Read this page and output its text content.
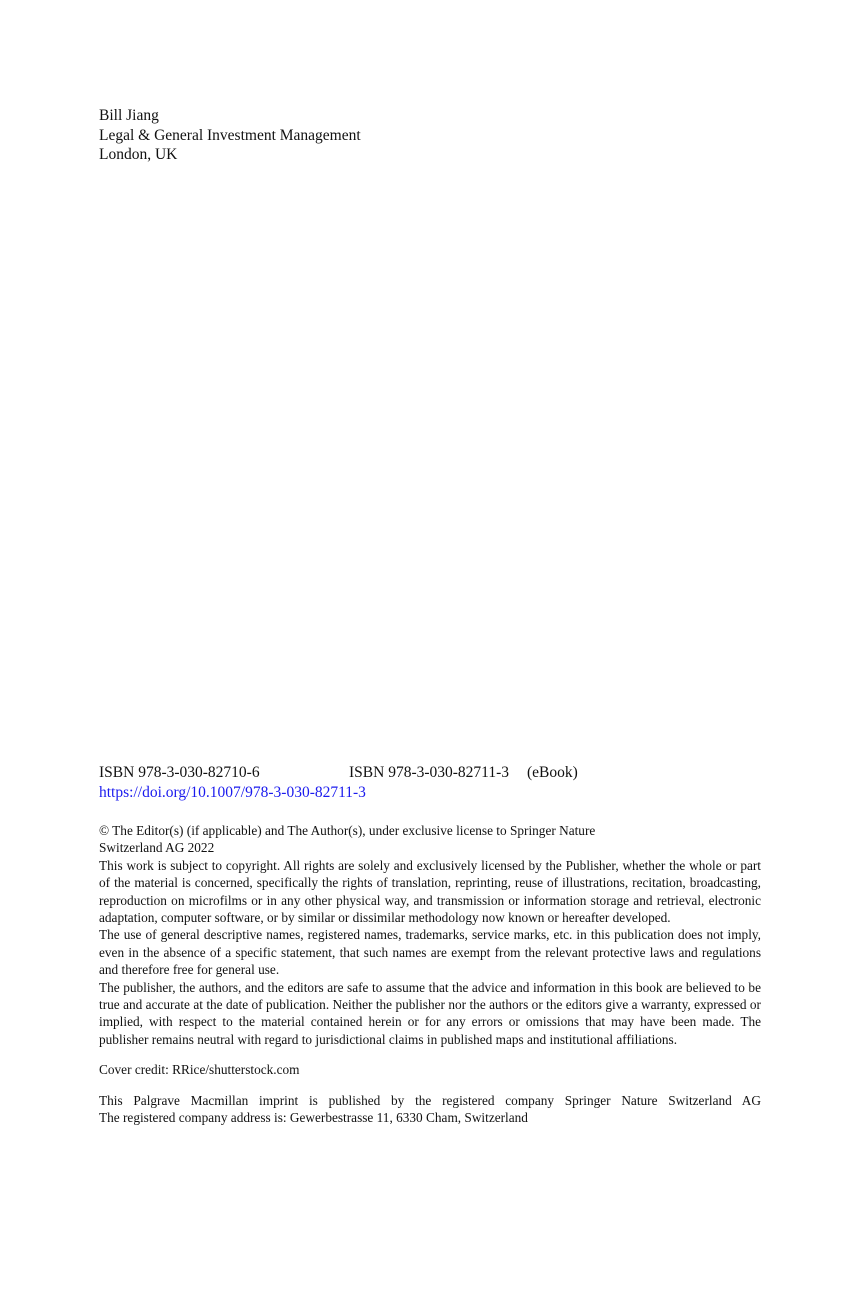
Bill Jiang
Legal & General Investment Management
London, UK
ISBN 978-3-030-82710-6	ISBN 978-3-030-82711-3 (eBook)
https://doi.org/10.1007/978-3-030-82711-3

© The Editor(s) (if applicable) and The Author(s), under exclusive license to Springer Nature
Switzerland AG 2022

This work is subject to copyright. All rights are solely and exclusively licensed by the Publisher, whether the whole or part of the material is concerned, specifically the rights of translation, reprinting, reuse of illustrations, recitation, broadcasting, reproduction on microfilms or in any other physical way, and transmission or information storage and retrieval, electronic adaptation, computer software, or by similar or dissimilar methodology now known or hereafter developed.

The use of general descriptive names, registered names, trademarks, service marks, etc. in this publication does not imply, even in the absence of a specific statement, that such names are exempt from the relevant protective laws and regulations and therefore free for general use.

The publisher, the authors, and the editors are safe to assume that the advice and information in this book are believed to be true and accurate at the date of publication. Neither the publisher nor the authors or the editors give a warranty, expressed or implied, with respect to the material contained herein or for any errors or omissions that may have been made. The publisher remains neutral with regard to jurisdictional claims in published maps and institutional affiliations.

Cover credit: RRice/shutterstock.com

This Palgrave Macmillan imprint is published by the registered company Springer Nature Switzerland AG
The registered company address is: Gewerbestrasse 11, 6330 Cham, Switzerland
